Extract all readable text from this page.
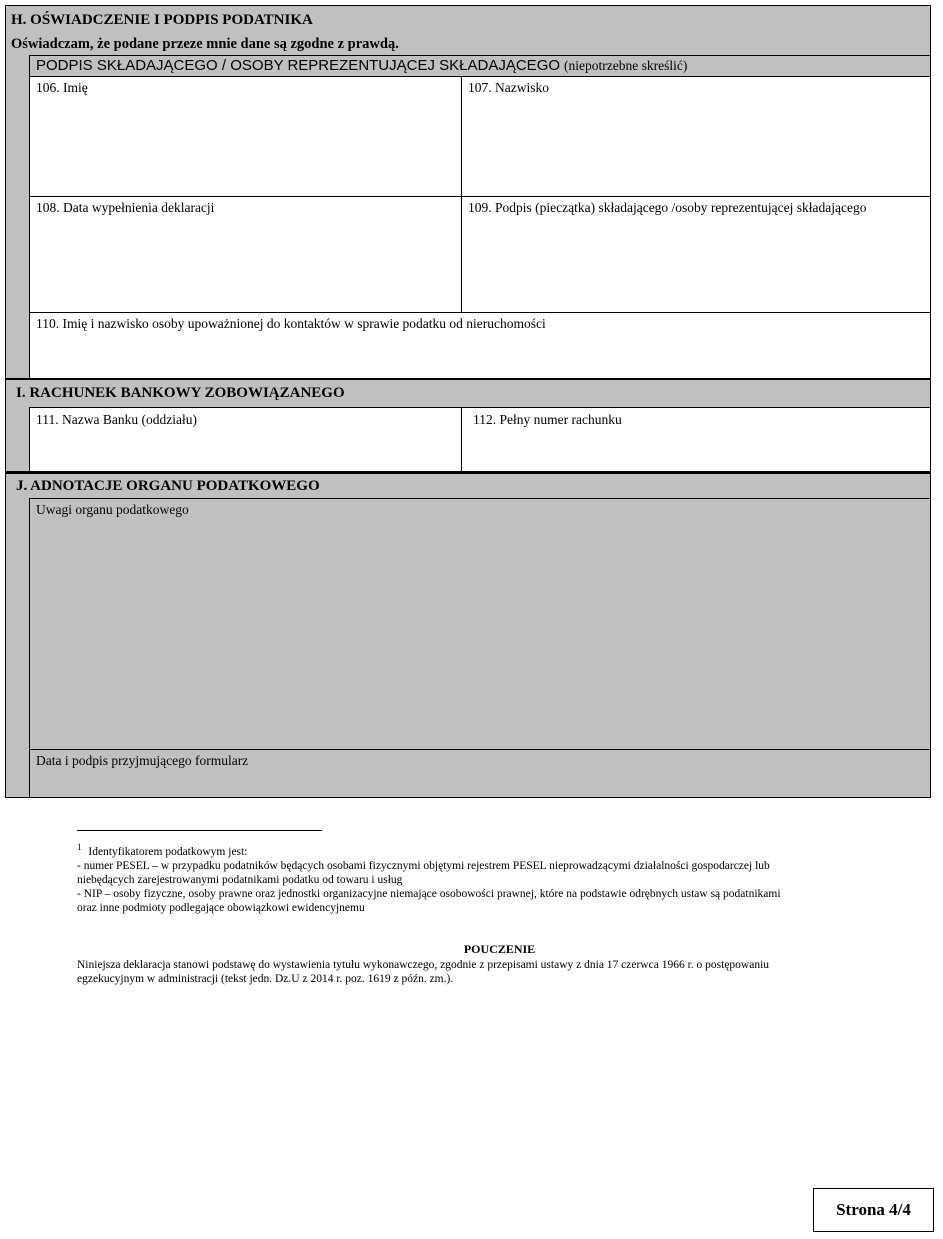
H. OŚWIADCZENIE I PODPIS PODATNIKA
Oświadczam, że podane przeze mnie dane są zgodne z prawdą.
PODPIS SKŁADAJĄCEGO / OSOBY REPREZENTUJĄCEJ SKŁADAJĄCEGO (niepotrzebne skreślić)
106. Imię	107. Nazwisko
108. Data wypełnienia deklaracji	109. Podpis (pieczątka) składającego /osoby reprezentującej składającego
110. Imię i nazwisko osoby upoważnionej do kontaktów w sprawie podatku od nieruchomości
I. RACHUNEK BANKOWY ZOBOWIĄZANEGO
111. Nazwa Banku (oddziału)	112. Pełny numer rachunku
J. ADNOTACJE ORGANU PODATKOWEGO
Uwagi organu podatkowego
Data i podpis przyjmującego formularz
$^1$ Identyfikatorem podatkowym jest:
- numer PESEL – w przypadku podatników będących osobami fizycznymi objętymi rejestrem PESEL nieprowadzącymi działalności gospodarczej lub
niebędących zarejestrowanymi podatnikami podatku od towaru i usług
- NIP – osoby fizyczne, osoby prawne oraz jednostki organizacyjne niemające osobowości prawnej, które na podstawie odrębnych ustaw są podatnikami
oraz inne podmioty podlegające obowiązkowi ewidencyjnemu
POUCZENIE
Niniejsza deklaracja stanowi podstawę do wystawienia tytułu wykonawczego, zgodnie z przepisami ustawy z dnia 17 czerwca 1966 r. o postępowaniu
egzekucyjnym w administracji (tekst jedn. Dz.U z 2014 r. poz. 1619 z późn. zm.).
Strona 4/4
